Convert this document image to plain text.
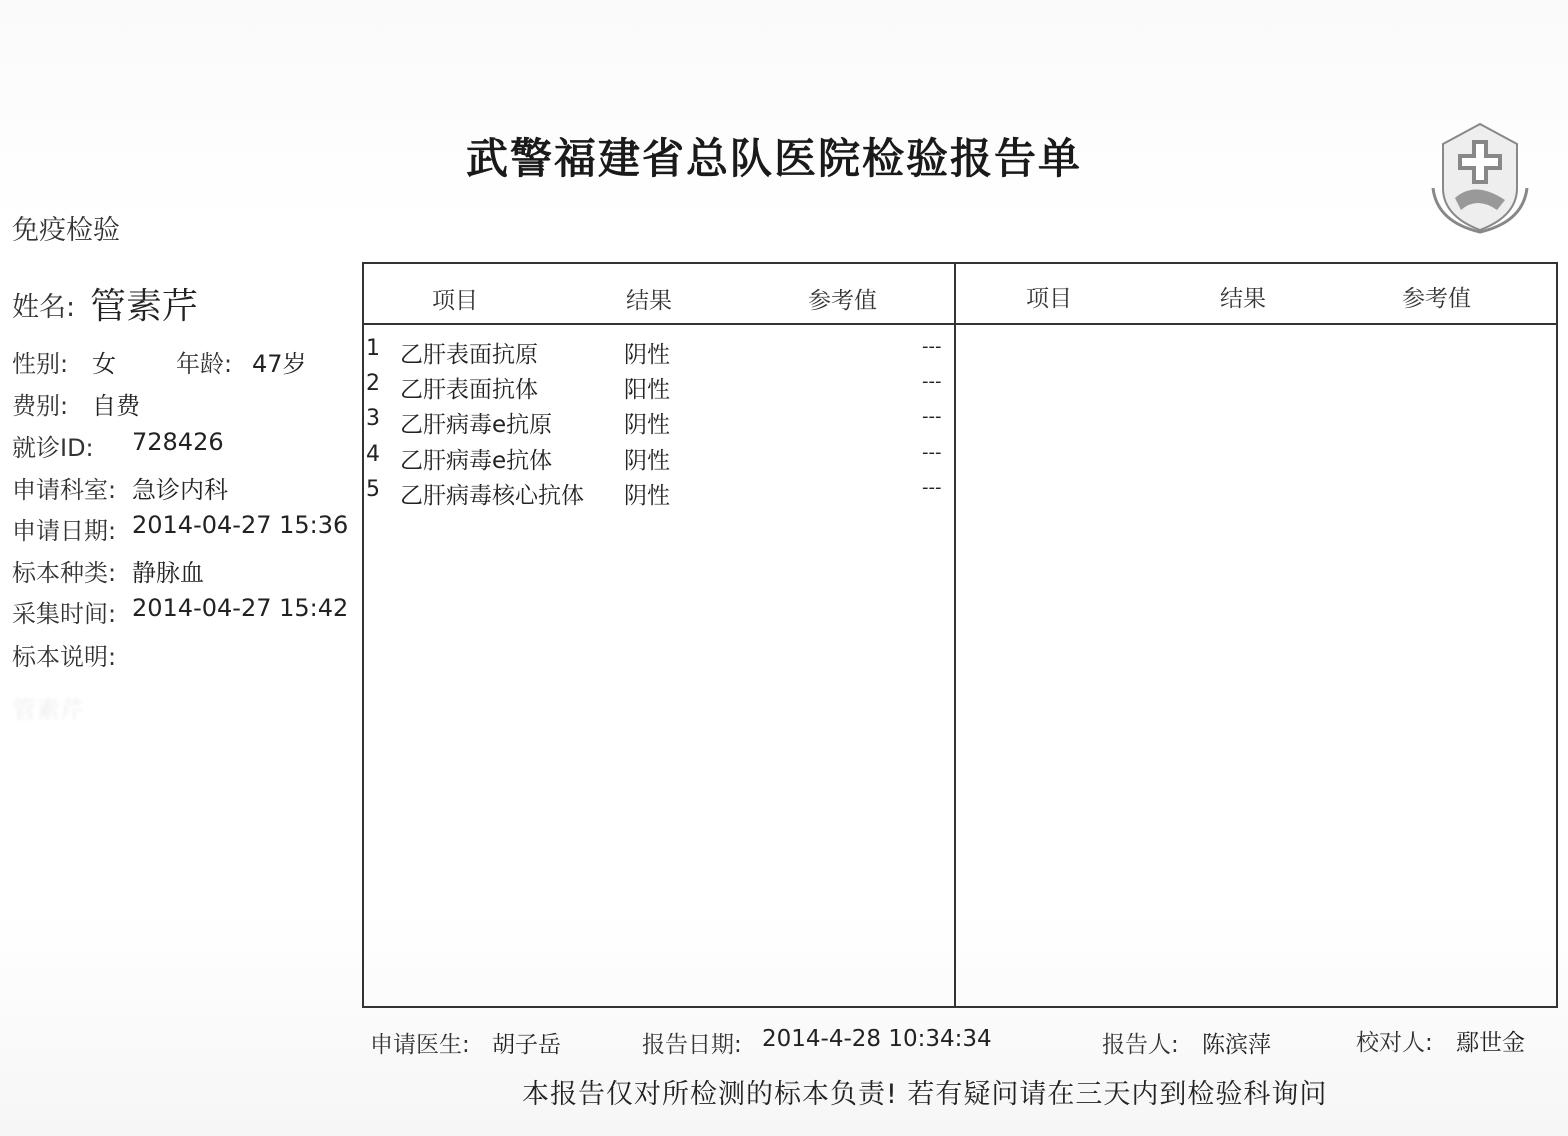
管素芹
武警福建省总队医院检验报告单
免疫检验
姓名: 管素芹
性别: 女	年龄: 47岁
费别: 自费
就诊ID: 728426
申请科室: 急诊内科
申请日期: 2014-04-27 15:36
标本种类: 静脉血
采集时间: 2014-04-27 15:42
标本说明:
项目	结果	参考值	项目	结果	参考值
1 乙肝表面抗原	阴性	---
2 乙肝表面抗体	阳性	---
3 乙肝病毒e抗原	阴性	---
4 乙肝病毒e抗体	阴性	---
5 乙肝病毒核心抗体 阴性	---
申请医生: 胡子岳	报告日期: 2014-4-28 10:34:34	报告人: 陈滨萍	校对人: 鄢世金
本报告仅对所检测的标本负责! 若有疑问请在三天内到检验科询问
